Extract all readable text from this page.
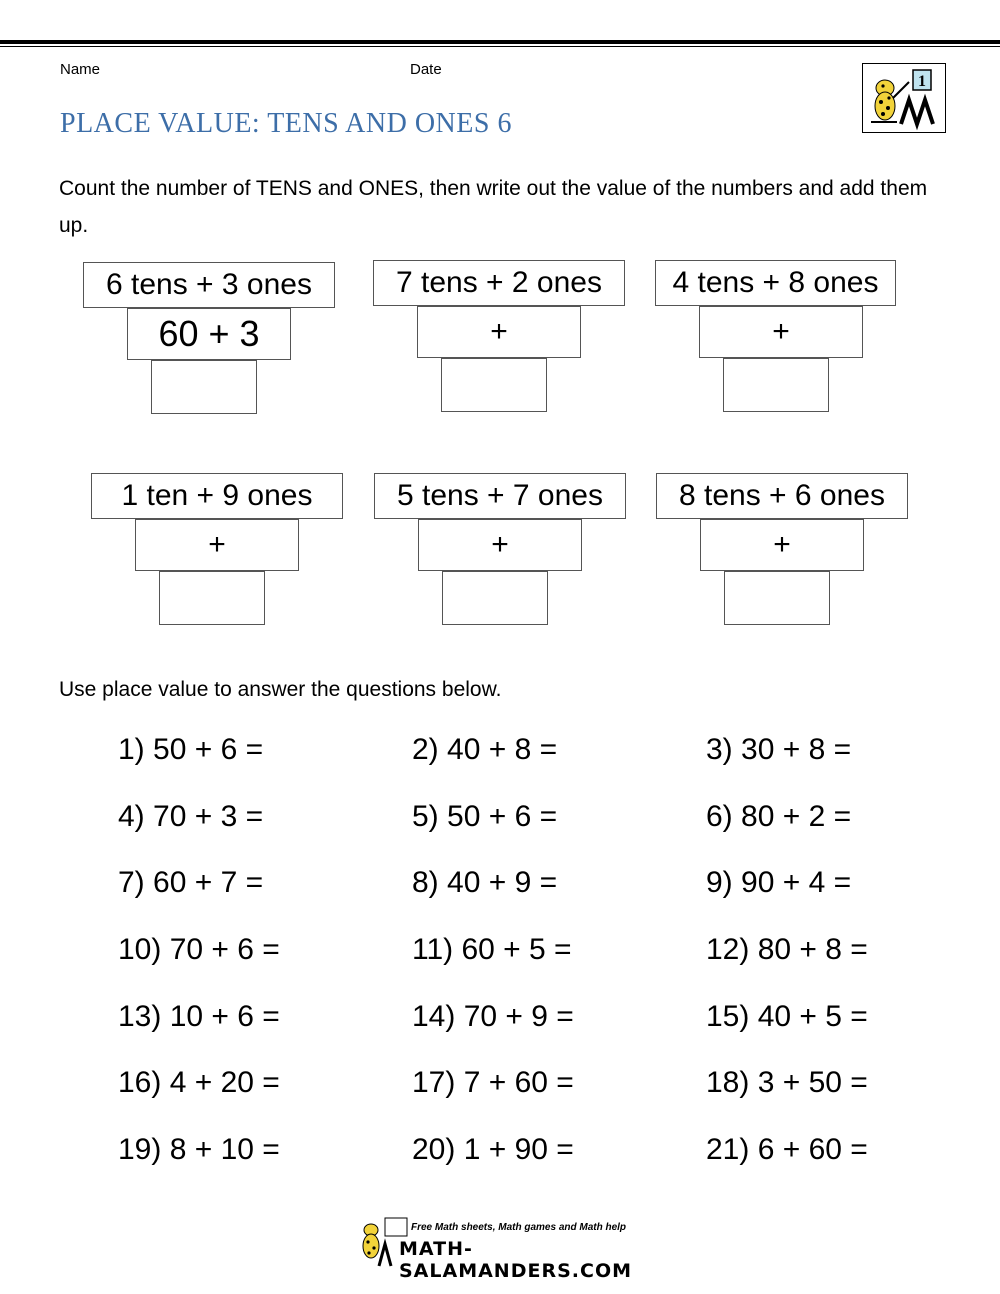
Name	Date
PLACE VALUE: TENS AND ONES 6
1
Count the number of TENS and ONES, then write out the value of the numbers and add them up.
6 tens + 3 ones
60 + 3
7 tens + 2 ones
+
4 tens + 8 ones
+
1 ten + 9 ones
+
5 tens + 7 ones
+
8 tens + 6 ones
+
Use place value to answer the questions below.
1) 50 + 6 =	2) 40 + 8 =	3) 30 + 8 =
4) 70 + 3 =	5) 50 + 6 =	6) 80 + 2 =
7) 60 + 7 =	8) 40 + 9 =	9) 90 + 4 =
10) 70 + 6 =	11) 60 + 5 =	12) 80 + 8 =
13) 10 + 6 =	14) 70 + 9 =	15) 40 + 5 =
16) 4 + 20 =	17) 7 + 60 =	18) 3 + 50 =
19) 8 + 10 =	20) 1 + 90 =	21) 6 + 60 =
Free Math sheets, Math games and Math help
MATH-SALAMANDERS.COM
